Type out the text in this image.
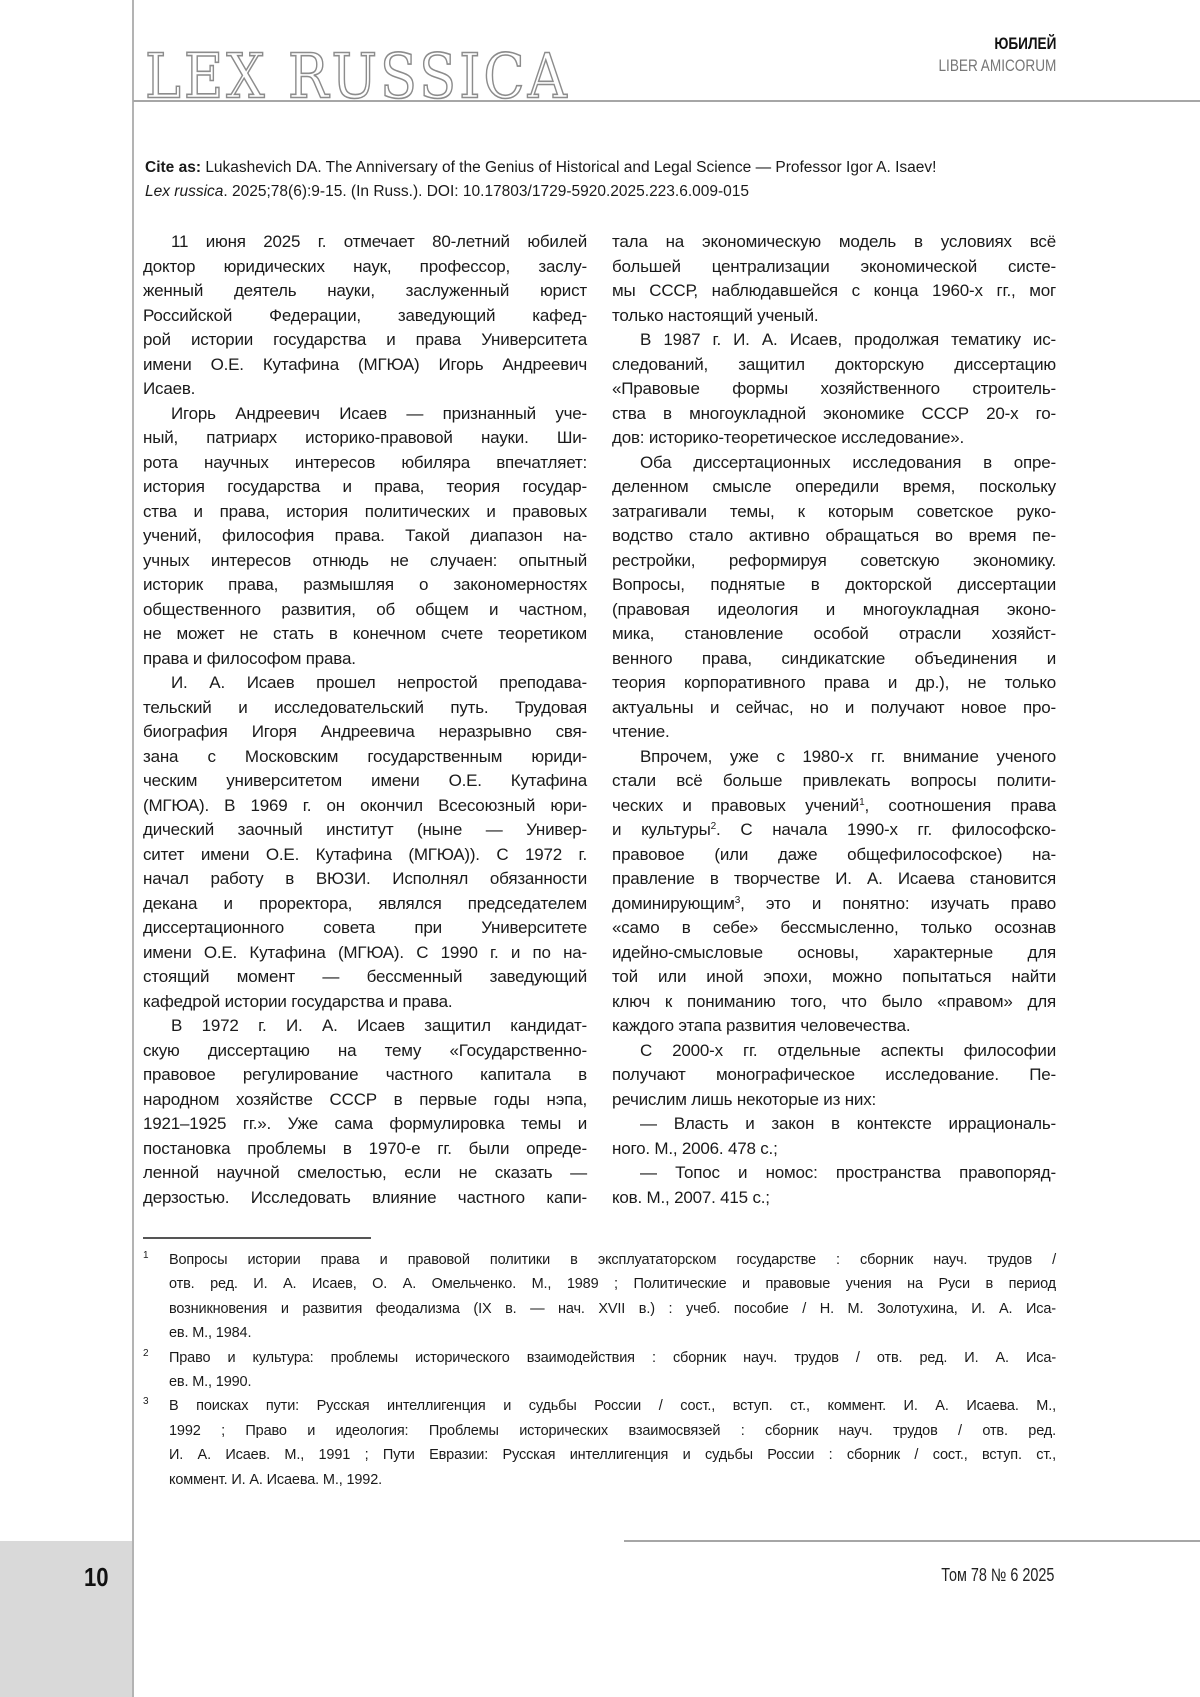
LEX RUSSICA	ЮБИЛЕЙ
LIBER AMICORUM
Cite as: Lukashevich DA. The Anniversary of the Genius of Historical and Legal Science — Professor Igor A. Isaev!
Lex russica. 2025;78(6):9-15. (In Russ.). DOI: 10.17803/1729-5920.2025.223.6.009-015
11 июня 2025 г. отмечает 80-летний юбилей
доктор юридических наук, профессор, заслу-
женный деятель науки, заслуженный юрист
Российской Федерации, заведующий кафед-
рой истории государства и права Университета
имени О.Е. Кутафина (МГЮА) Игорь Андреевич
Исаев.
Игорь Андреевич Исаев — признанный уче-
ный, патриарх историко-правовой науки. Ши-
рота научных интересов юбиляра впечатляет:
история государства и права, теория государ-
ства и права, история политических и правовых
учений, философия права. Такой диапазон на-
учных интересов отнюдь не случаен: опытный
историк права, размышляя о закономерностях
общественного развития, об общем и частном,
не может не стать в конечном счете теоретиком
права и философом права.
И. А. Исаев прошел непростой преподава-
тельский и исследовательский путь. Трудовая
биография Игоря Андреевича неразрывно свя-
зана с Московским государственным юриди-
ческим университетом имени О.Е. Кутафина
(МГЮА). В 1969 г. он окончил Всесоюзный юри-
дический заочный институт (ныне — Универ-
ситет имени О.Е. Кутафина (МГЮА)). С 1972 г.
начал работу в ВЮЗИ. Исполнял обязанности
декана и проректора, являлся председателем
диссертационного совета при Университете
имени О.Е. Кутафина (МГЮА). С 1990 г. и по на-
стоящий момент — бессменный заведующий
кафедрой истории государства и права.
В 1972 г. И. А. Исаев защитил кандидат-
скую диссертацию на тему «Государственно-
правовое регулирование частного капитала в
народном хозяйстве СССР в первые годы нэпа,
1921–1925 гг.». Уже сама формулировка темы и
постановка проблемы в 1970-е гг. были опреде-
ленной научной смелостью, если не сказать —
дерзостью. Исследовать влияние частного капи-
тала на экономическую модель в условиях всё
большей централизации экономической систе-
мы СССР, наблюдавшейся с конца 1960-х гг., мог
только настоящий ученый.
В 1987 г. И. А. Исаев, продолжая тематику ис-
следований, защитил докторскую диссертацию
«Правовые формы хозяйственного строитель-
ства в многоукладной экономике СССР 20-х го-
дов: историко-теоретическое исследование».
Оба диссертационных исследования в опре-
деленном смысле опередили время, поскольку
затрагивали темы, к которым советское руко-
водство стало активно обращаться во время пе-
рестройки, реформируя советскую экономику.
Вопросы, поднятые в докторской диссертации
(правовая идеология и многоукладная эконо-
мика, становление особой отрасли хозяйст-
венного права, синдикатские объединения и
теория корпоративного права и др.), не только
актуальны и сейчас, но и получают новое про-
чтение.
Впрочем, уже с 1980-х гг. внимание ученого
стали всё больше привлекать вопросы полити-
ческих и правовых учений1, соотношения права
и культуры2. С начала 1990-х гг. философско-
правовое (или даже общефилософское) на-
правление в творчестве И. А. Исаева становится
доминирующим3, это и понятно: изучать право
«само в себе» бессмысленно, только осознав
идейно-смысловые основы, характерные для
той или иной эпохи, можно попытаться найти
ключ к пониманию того, что было «правом» для
каждого этапа развития человечества.
С 2000-х гг. отдельные аспекты философии
получают монографическое исследование. Пе-
речислим лишь некоторые из них:
— Власть и закон в контексте иррациональ-
ного. М., 2006. 478 с.;
— Топос и номос: пространства правопоряд-
ков. М., 2007. 415 с.;
1 Вопросы истории права и правовой политики в эксплуататорском государстве : сборник науч. трудов /
отв. ред. И. А. Исаев, О. А. Омельченко. М., 1989 ; Политические и правовые учения на Руси в период
возникновения и развития феодализма (IX в. — нач. XVII в.) : учеб. пособие / Н. М. Золотухина, И. А. Иса-
ев. М., 1984.
2 Право и культура: проблемы исторического взаимодействия : сборник науч. трудов / отв. ред. И. А. Иса-
ев. М., 1990.
3 В поисках пути: Русская интеллигенция и судьбы России / сост., вступ. ст., коммент. И. А. Исаева. М.,
1992 ; Право и идеология: Проблемы исторических взаимосвязей : сборник науч. трудов / отв. ред.
И. А. Исаев. М., 1991 ; Пути Евразии: Русская интеллигенция и судьбы России : сборник / сост., вступ. ст.,
коммент. И. А. Исаева. М., 1992.
10	Том 78 № 6 2025
